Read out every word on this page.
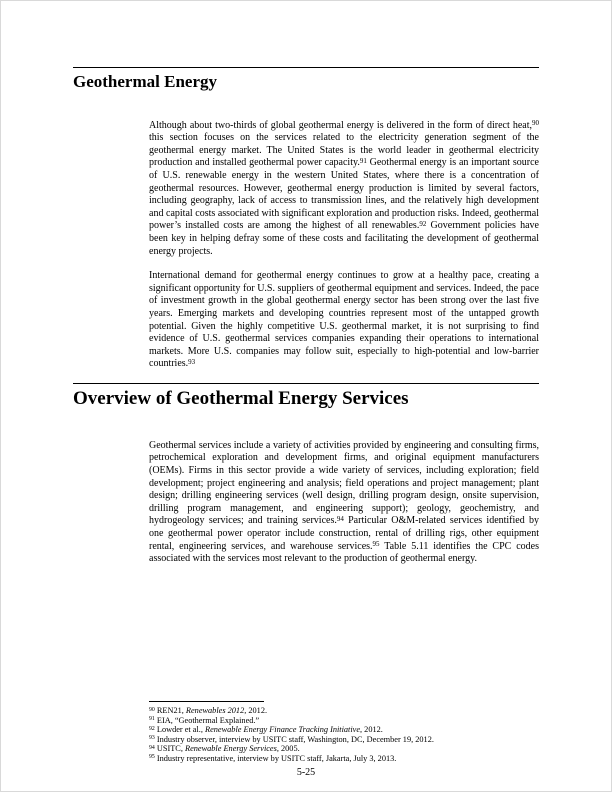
Geothermal Energy

Although about two-thirds of global geothermal energy is delivered in the form of direct heat,$^{90}$ this section focuses on the services related to the electricity generation segment of the geothermal energy market. The United States is the world leader in geothermal electricity production and installed geothermal power capacity.$^{91}$ Geothermal energy is an important source of U.S. renewable energy in the western United States, where there is a concentration of geothermal resources. However, geothermal energy production is limited by several factors, including geography, lack of access to transmission lines, and the relatively high development and capital costs associated with significant exploration and production risks. Indeed, geothermal power’s installed costs are among the highest of all renewables.$^{92}$ Government policies have been key in helping defray some of these costs and facilitating the development of geothermal energy projects.

International demand for geothermal energy continues to grow at a healthy pace, creating a significant opportunity for U.S. suppliers of geothermal equipment and services. Indeed, the pace of investment growth in the global geothermal energy sector has been strong over the last five years. Emerging markets and developing countries represent most of the untapped growth potential. Given the highly competitive U.S. geothermal market, it is not surprising to find evidence of U.S. geothermal services companies expanding their operations to international markets. More U.S. companies may follow suit, especially to high-potential and low-barrier countries.$^{93}$

Overview of Geothermal Energy Services

Geothermal services include a variety of activities provided by engineering and consulting firms, petrochemical exploration and development firms, and original equipment manufacturers (OEMs). Firms in this sector provide a wide variety of services, including exploration; field development; project engineering and analysis; field operations and project management; plant design; drilling engineering services (well design, drilling program design, onsite supervision, drilling program management, and engineering support); geology, geochemistry, and hydrogeology services; and training services.$^{94}$ Particular O&M-related services identified by one geothermal power operator include construction, rental of drilling rigs, other equipment rental, engineering services, and warehouse services.$^{95}$ Table 5.11 identifies the CPC codes associated with the services most relevant to the production of geothermal energy.

$^{90}$ REN21, Renewables 2012, 2012.
$^{91}$ EIA, “Geothermal Explained.”
$^{92}$ Lowder et al., Renewable Energy Finance Tracking Initiative, 2012.
$^{93}$ Industry observer, interview by USITC staff, Washington, DC, December 19, 2012.
$^{94}$ USITC, Renewable Energy Services, 2005.
$^{95}$ Industry representative, interview by USITC staff, Jakarta, July 3, 2013.
5-25
